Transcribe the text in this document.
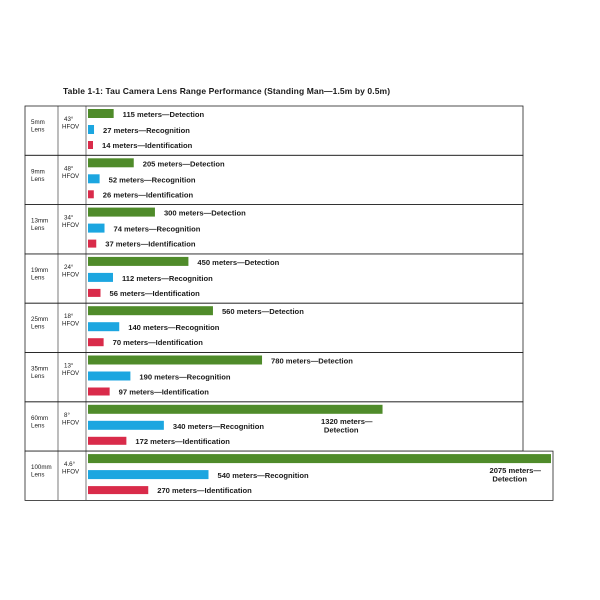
Table 1-1: Tau Camera Lens Range Performance (Standing Man—1.5m by 0.5m)
5mm
Lens
43°
HFOV
115 meters—Detection
27 meters—Recognition
14 meters—Identification
9mm
Lens
48°
HFOV
205 meters—Detection
52 meters—Recognition
26 meters—Identification
13mm
Lens
34°
HFOV
300 meters—Detection
74 meters—Recognition
37 meters—Identification
19mm
Lens
24°
HFOV
450 meters—Detection
112 meters—Recognition
56 meters—Identification
25mm
Lens
18°
HFOV
560 meters—Detection
140 meters—Recognition
70 meters—Identification
35mm
Lens
13°
HFOV
780 meters—Detection
190 meters—Recognition
97 meters—Identification
60mm
Lens
8°
HFOV	1320 meters—
Detection
340 meters—Recognition
172 meters—Identification
100mm
Lens
4.6°
HFOV	2075 meters—
Detection
540 meters—Recognition
270 meters—Identification
